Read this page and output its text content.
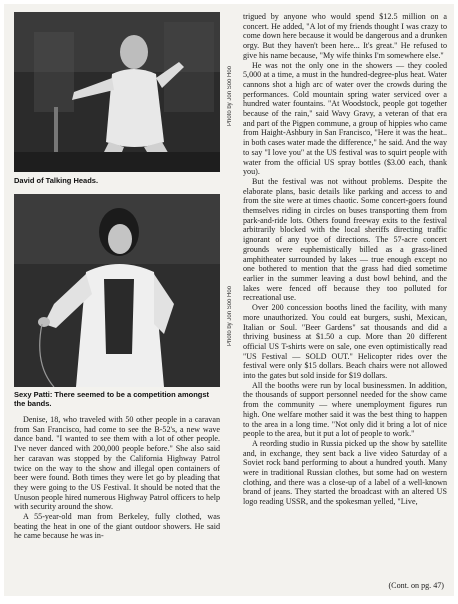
David of Talking Heads.

Sexy Patti: There seemed to be a competition amongst the bands.

Denise, 18, who traveled with 50 other people in a caravan from San Francisco, had come to see the B-52's, a new wave dance band. "I wanted to see them with a lot of other people. I've never danced with 200,000 people before." She also said her caravan was stopped by the California Highway Patrol twice on the way to the show and illegal open containers of beer were found. Both times they were let go by pleading that they were going to the US Festival. It should be noted that the Unuson people hired numerous Highway Patrol officers to help with security around the show.

A 55-year-old man from Berkeley, fully clothed, was beating the heat in one of the giant outdoor showers. He said he came because he was in-

Photo by Jon Soo Hoo
Photo by Jon Soo Hoo

trigued by anyone who would spend $12.5 million on a concert. He added, "A lot of my friends thought I was crazy to come down here because it would be dangerous and a drunken orgy. But they haven't been here... It's great." He refused to give his name because, "My wife thinks I'm somewhere else."

He was not the only one in the showers — they cooled 5,000 at a time, a must in the hundred-degree-plus heat. Water cannons shot a high arc of water over the crowds during the performances. Cold mountain spring water serviced over a hundred water fountains. "At Woodstock, people got together because of the rain," said Wavy Gravy, a veteran of that era and part of the Pigpen commune, a group of hippies who came from Haight-Ashbury in San Francisco, "Here it was the heat.. in both cases water made the difference," he said. And the way to say "I love you" at the US festival was to squirt people with water from the official US spray bottles ($3.00 each, thank you).

But the festival was not without problems. Despite the elaborate plans, basic details like parking and access to and from the site were at times chaotic. Some concert-goers found themselves riding in circles on buses transporting them from park-and-ride lots. Others found freeway exits to the festival arbitrarily blocked with the local sheriffs directing traffic ignorant of any tyoe of directions. The 57-acre concert grounds were euphemistically billed as a grass-lined amphitheater surrounded by lakes — true enough except no one bothered to mention that the grass had died sometime earlier in the summer leaving a dust bowl behind, and the lakes were fenced off because they too polluted for recreational use.

Over 200 concession booths lined the facility, with many more unauthorized. You could eat burgers, sushi, Mexican, Italian or Soul. "Beer Gardens" sat thousands and did a thriving business at $1.50 a cup. More than 20 different official US T-shirts were on sale, one even optimistically read "US Festival — SOLD OUT." Helicopter rides over the festival were only $15 dollars. Beach chairs were not allowed into the gates but sold inside for $19 dollars.

All the booths were run by local businessmen. In addition, the thousands of support personnel needed for the show came from the community — where unemployment figures run high. One welfare mother said it was the best thing to happen to the area in a long time. "Not only did it bring a lot of nice people to the area, but it put a lot of people to work."

A reording studio in Russia picked up the show by satellite and, in exchange, they sent back a live video Saturday of a Soviet rock band performing to about a hundred youth. Many were in traditional Russian clothes, but some had on western clothing, and there was a close-up of a label of a well-known brand of jeans. They started the broadcast with an altered US logo reading USSR, and the spokesman yelled, "Live,

(Cont. on pg. 47)
